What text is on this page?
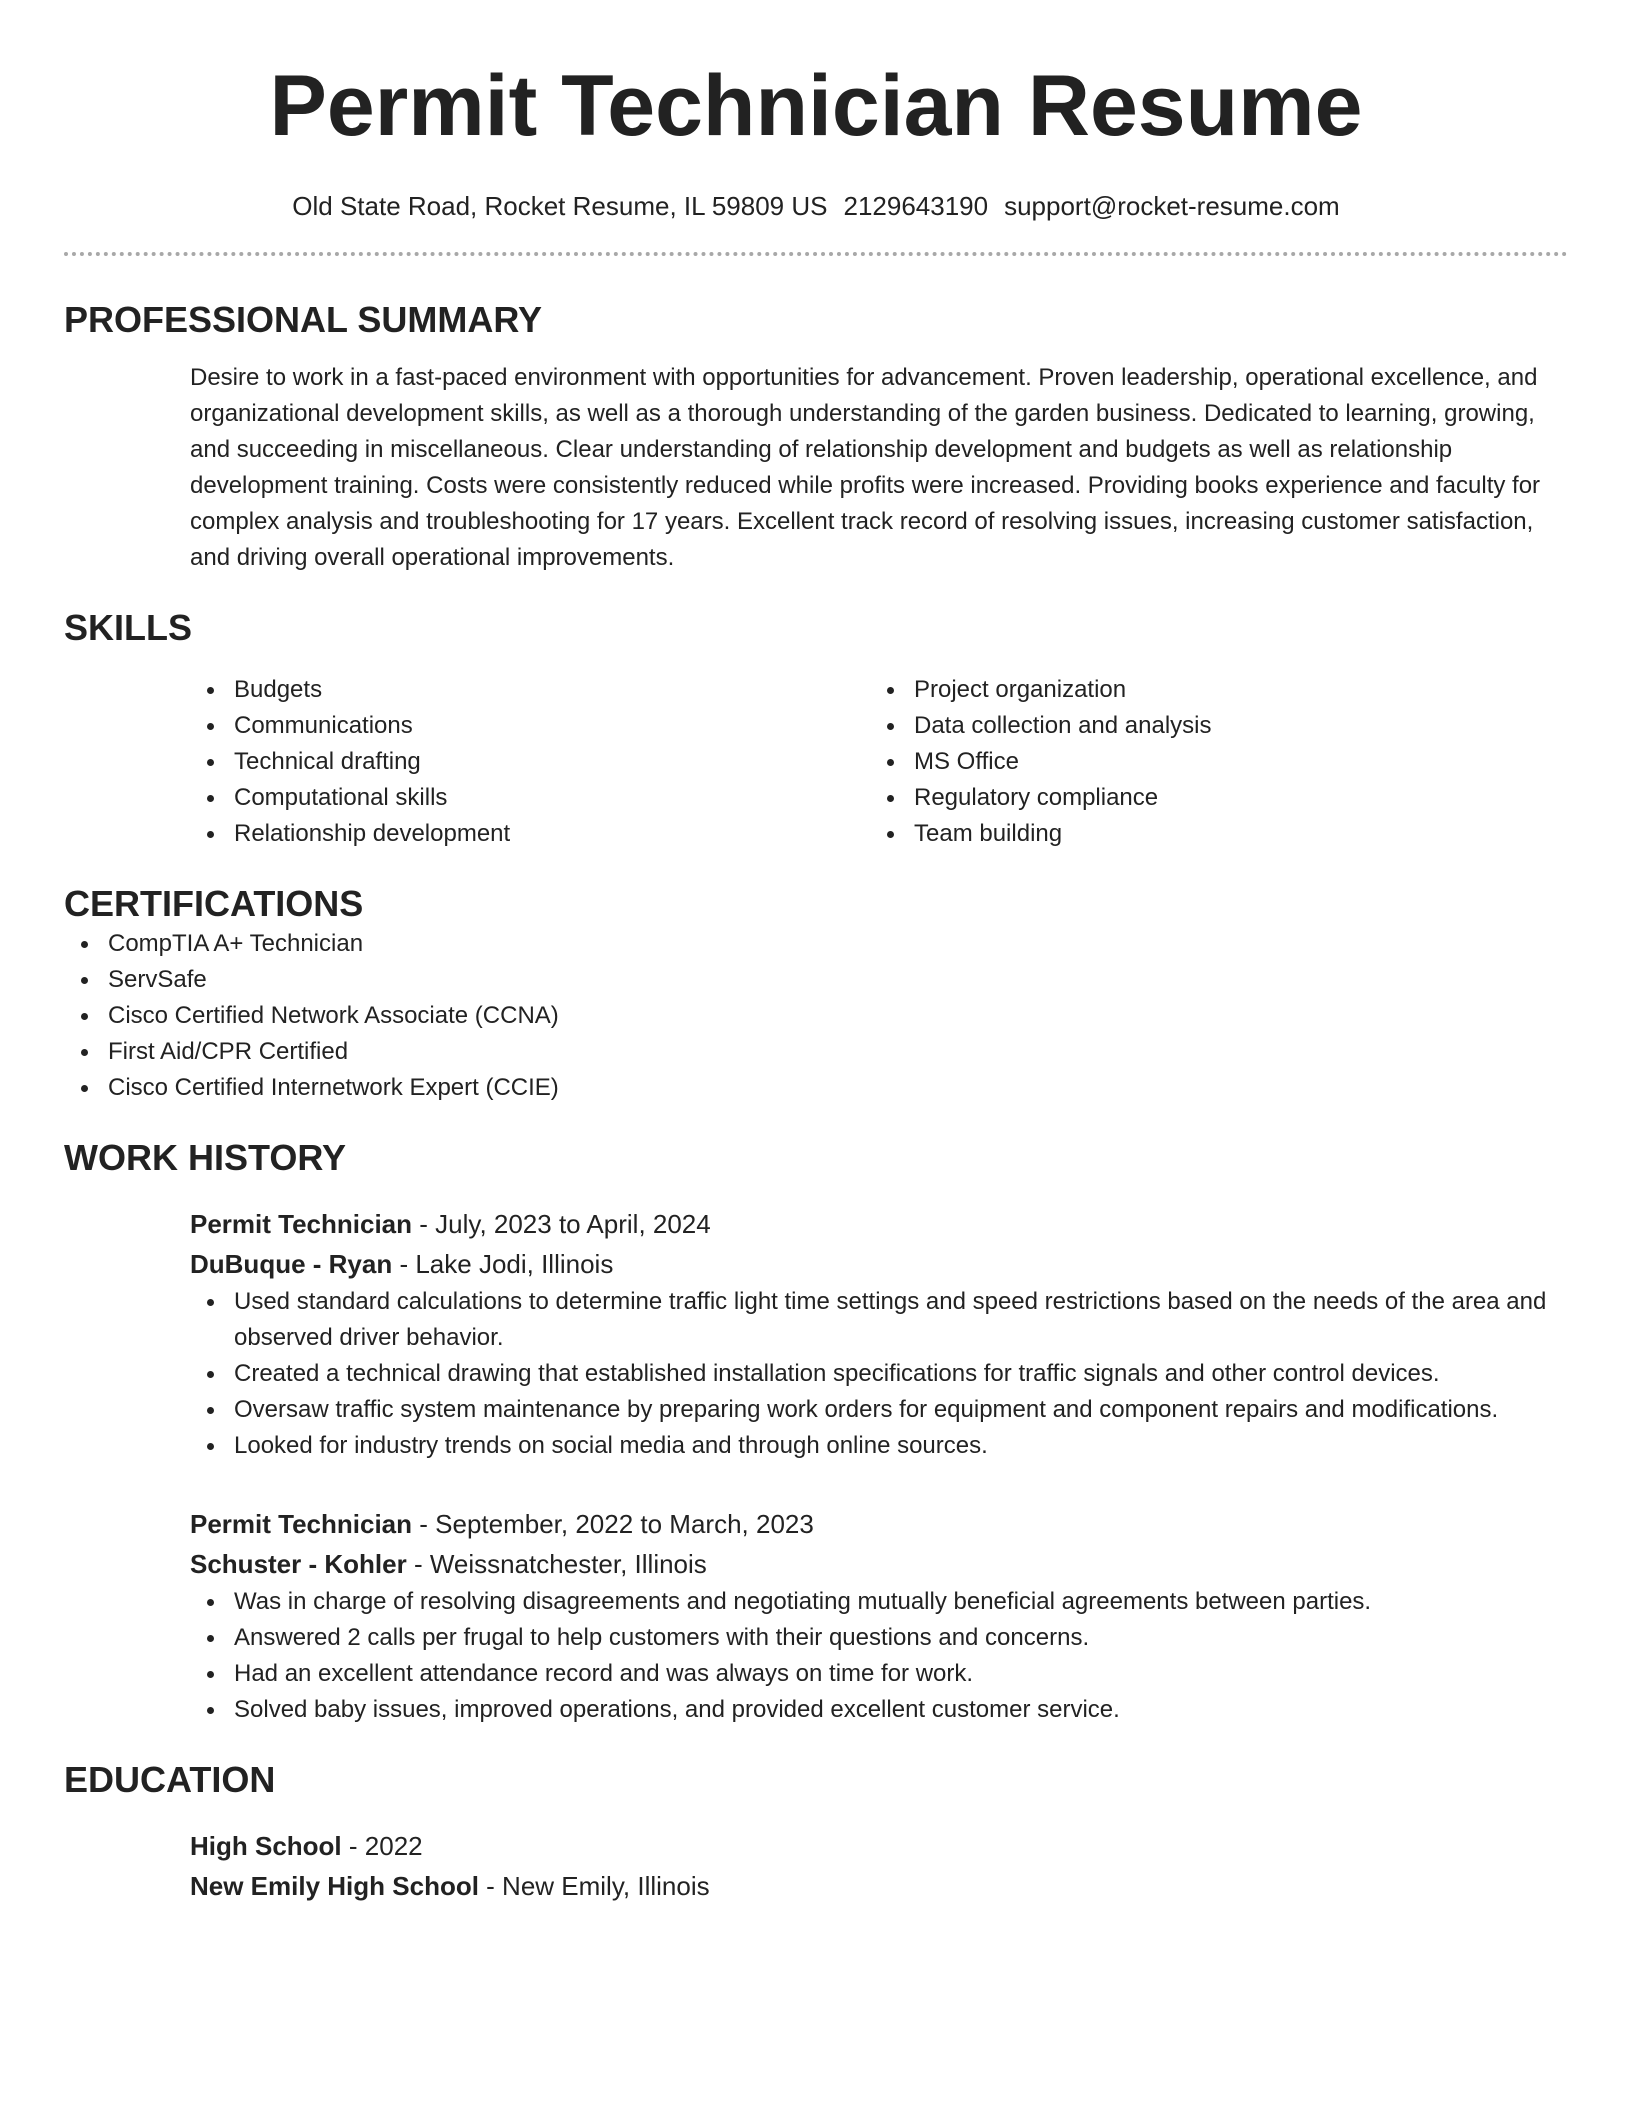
Permit Technician Resume
Old State Road, Rocket Resume, IL 59809 US 2129643190 support@rocket-resume.com
PROFESSIONAL SUMMARY

Desire to work in a fast-paced environment with opportunities for advancement. Proven leadership, operational excellence, and organizational development skills, as well as a thorough understanding of the garden business. Dedicated to learning, growing, and succeeding in miscellaneous. Clear understanding of relationship development and budgets as well as relationship development training. Costs were consistently reduced while profits were increased. Providing books experience and faculty for complex analysis and troubleshooting for 17 years. Excellent track record of resolving issues, increasing customer satisfaction, and driving overall operational improvements.

SKILLS
Budgets
Communications
Technical drafting
Computational skills
Relationship development
Project organization
Data collection and analysis
MS Office
Regulatory compliance
Team building
CERTIFICATIONS
CompTIA A+ Technician
ServSafe
Cisco Certified Network Associate (CCNA)
First Aid/CPR Certified
Cisco Certified Internetwork Expert (CCIE)
WORK HISTORY
Permit Technician - July, 2023 to April, 2024
DuBuque - Ryan - Lake Jodi, Illinois
Used standard calculations to determine traffic light time settings and speed restrictions based on the needs of the area and observed driver behavior.
Created a technical drawing that established installation specifications for traffic signals and other control devices.
Oversaw traffic system maintenance by preparing work orders for equipment and component repairs and modifications.
Looked for industry trends on social media and through online sources.
Permit Technician - September, 2022 to March, 2023
Schuster - Kohler - Weissnatchester, Illinois
Was in charge of resolving disagreements and negotiating mutually beneficial agreements between parties.
Answered 2 calls per frugal to help customers with their questions and concerns.
Had an excellent attendance record and was always on time for work.
Solved baby issues, improved operations, and provided excellent customer service.
EDUCATION
High School - 2022
New Emily High School - New Emily, Illinois
